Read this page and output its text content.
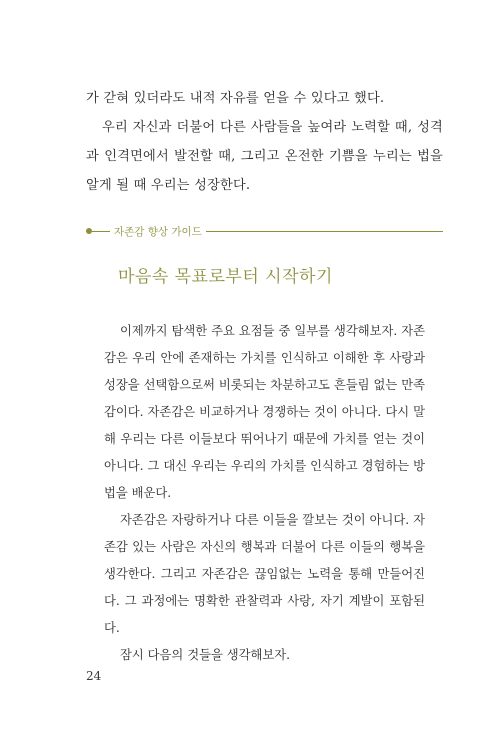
가 갇혀 있더라도 내적 자유를 얻을 수 있다고 했다.

우리 자신과 더불어 다른 사람들을 높여라 노력할 때, 성격과 인격면에서 발전할 때, 그리고 온전한 기쁨을 누리는 법을 알게 될 때 우리는 성장한다.

자존감 향상 가이드
마음속 목표로부터 시작하기

이제까지 탐색한 주요 요점들 중 일부를 생각해보자. 자존감은 우리 안에 존재하는 가치를 인식하고 이해한 후 사랑과 성장을 선택함으로써 비롯되는 차분하고도 흔들림 없는 만족감이다. 자존감은 비교하거나 경쟁하는 것이 아니다. 다시 말해 우리는 다른 이들보다 뛰어나기 때문에 가치를 얻는 것이 아니다. 그 대신 우리는 우리의 가치를 인식하고 경험하는 방법을 배운다.

자존감은 자랑하거나 다른 이들을 깔보는 것이 아니다. 자존감 있는 사람은 자신의 행복과 더불어 다른 이들의 행복을 생각한다. 그리고 자존감은 끊임없는 노력을 통해 만들어진다. 그 과정에는 명확한 관찰력과 사랑, 자기 계발이 포함된다.

잠시 다음의 것들을 생각해보자.

24
